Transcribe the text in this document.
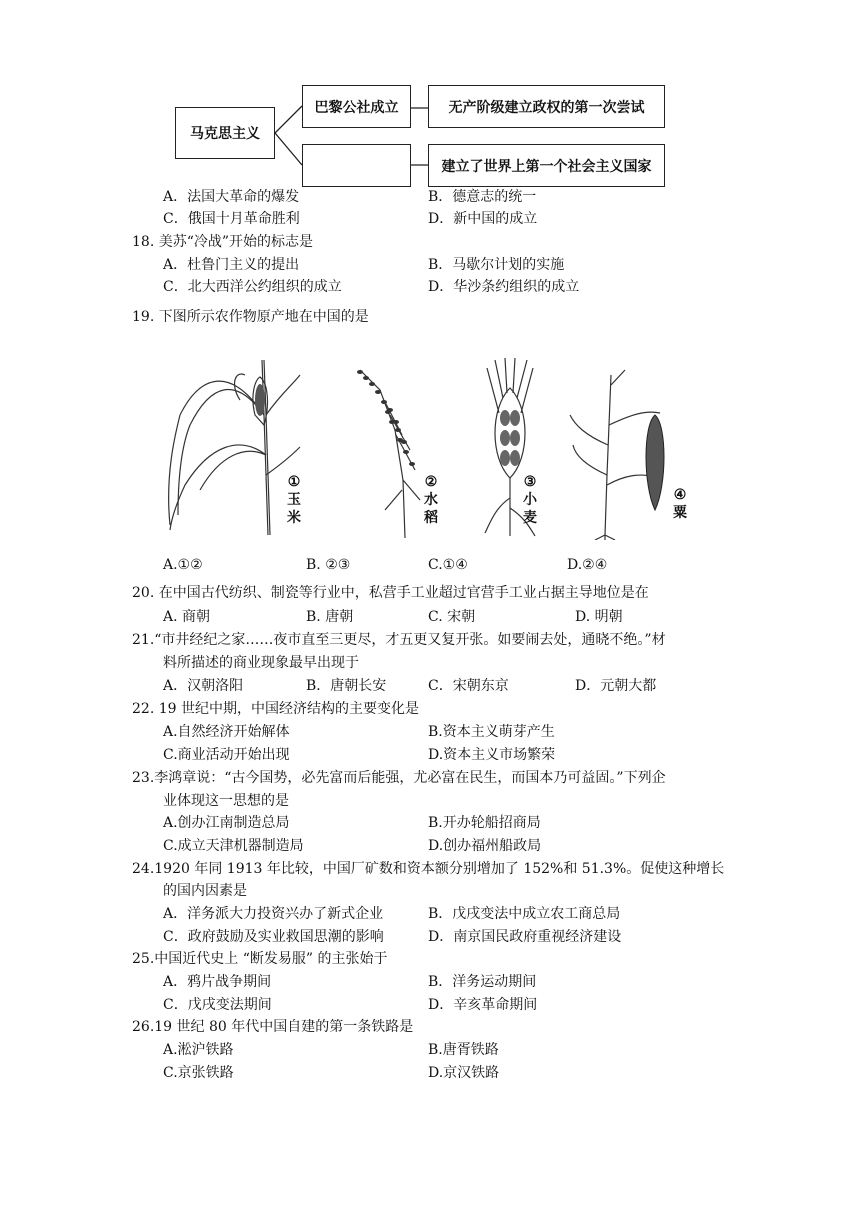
马克思主义
巴黎公社成立	无产阶级建立政权的第一次尝试
建立了世界上第一个社会主义国家
A．法国大革命的爆发	B．德意志的统一
C．俄国十月革命胜利	D．新中国的成立
18. 美苏“冷战”开始的标志是
A．杜鲁门主义的提出	B．马歇尔计划的实施
C．北大西洋公约组织的成立	D．华沙条约组织的成立
19. 下图所示农作物原产地在中国的是
①
玉米
②
水稻
③
小麦
④
粟
A.①②	B. ②③	C.①④	D.②④
20. 在中国古代纺织、制瓷等行业中，私营手工业超过官营手工业占据主导地位是在
A. 商朝	B. 唐朝	C. 宋朝	D. 明朝
21.“市井经纪之家……夜市直至三更尽，才五更又复开张。如要闹去处，通晓不绝。”材
料所描述的商业现象最早出现于
A．汉朝洛阳	B．唐朝长安	C．宋朝东京	D．元朝大都
22. 19 世纪中期，中国经济结构的主要变化是
A.自然经济开始解体	B.资本主义萌芽产生
C.商业活动开始出现	D.资本主义市场繁荣
23.李鸿章说：“古今国势，必先富而后能强，尤必富在民生，而国本乃可益固。”下列企
业体现这一思想的是
A.创办江南制造总局	B.开办轮船招商局
C.成立天津机器制造局	D.创办福州船政局
24.1920 年同 1913 年比较，中国厂矿数和资本额分别增加了 152%和 51.3%。促使这种增长
的国内因素是
A．洋务派大力投资兴办了新式企业	B．戊戌变法中成立农工商总局
C．政府鼓励及实业救国思潮的影响	D．南京国民政府重视经济建设
25.中国近代史上 “断发易服” 的主张始于
A．鸦片战争期间	B．洋务运动期间
C．戊戌变法期间	D．辛亥革命期间
26.19 世纪 80 年代中国自建的第一条铁路是
A.淞沪铁路	B.唐胥铁路
C.京张铁路	D.京汉铁路
